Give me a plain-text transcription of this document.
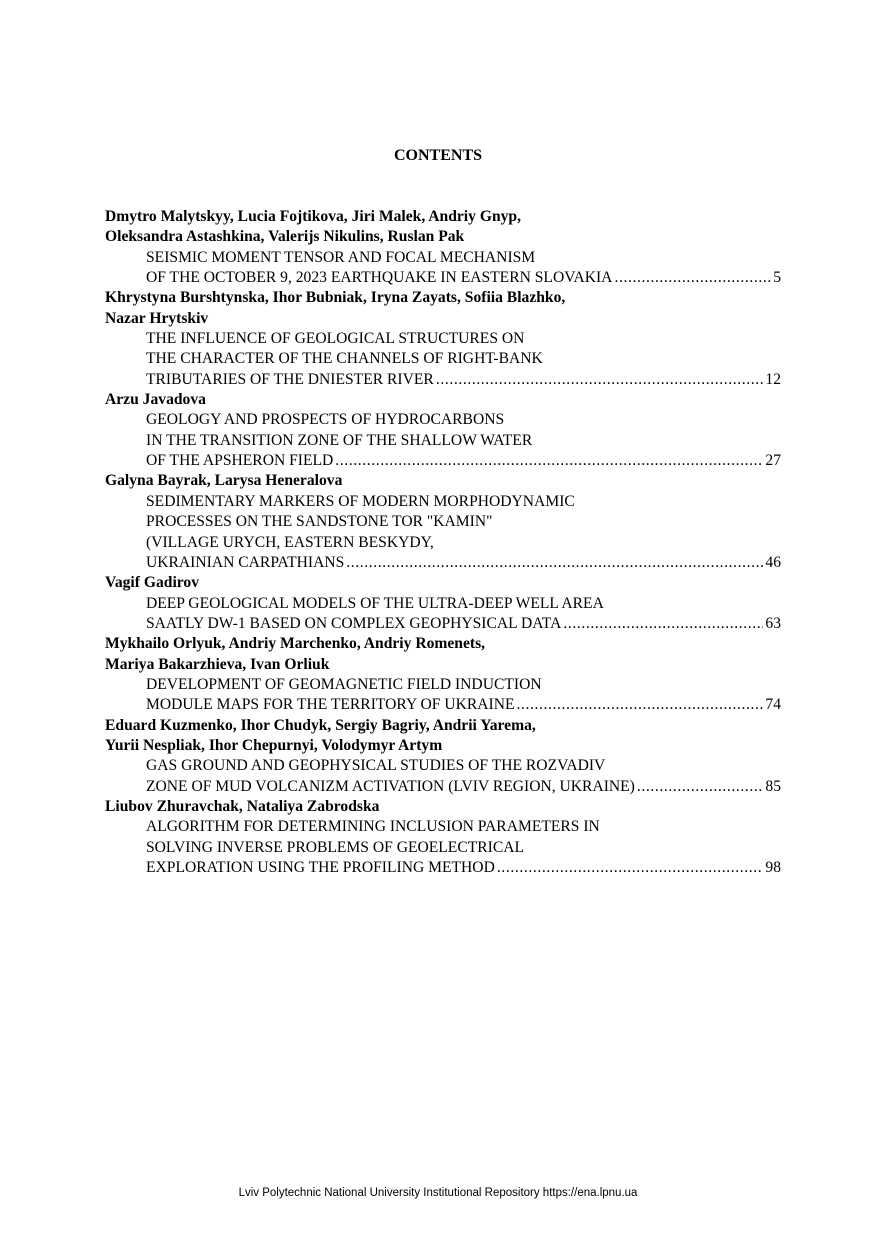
CONTENTS
Dmytro Malytskyy, Lucia Fojtikova, Jiri Malek, Andriy Gnyp,
Oleksandra Astashkina, Valerijs Nikulins, Ruslan Pak
SEISMIC MOMENT TENSOR AND FOCAL MECHANISM
OF THE OCTOBER 9, 2023 EARTHQUAKE IN EASTERN SLOVAKIA .....	5
Khrystyna Burshtynska, Ihor Bubniak, Iryna Zayats, Sofiia Blazhko,
Nazar Hrytskiv
THE INFLUENCE OF GEOLOGICAL STRUCTURES ON
THE CHARACTER OF THE CHANNELS OF RIGHT-BANK
TRIBUTARIES OF THE DNIESTER RIVER .....	12
Arzu Javadova
GEOLOGY AND PROSPECTS OF HYDROCARBONS
IN THE TRANSITION ZONE OF THE SHALLOW WATER
OF THE APSHERON FIELD .....	27
Galyna Bayrak, Larysa Heneralova
SEDIMENTARY MARKERS OF MODERN MORPHODYNAMIC
PROCESSES ON THE SANDSTONE TOR "KAMIN"
(VILLAGE URYCH, EASTERN BESKYDY,
UKRAINIAN CARPATHIANS .....	46
Vagif Gadirov
DEEP GEOLOGICAL MODELS OF THE ULTRA-DEEP WELL AREA
SAATLY DW-1 BASED ON COMPLEX GEOPHYSICAL DATA .....	63
Mykhailo Orlyuk, Andriy Marchenko, Andriy Romenets,
Mariya Bakarzhieva, Ivan Orliuk
DEVELOPMENT OF GEOMAGNETIC FIELD INDUCTION
MODULE MAPS FOR THE TERRITORY OF UKRAINE .....	74
Eduard Kuzmenko, Ihor Chudyk, Sergiy Bagriy, Andrii Yarema,
Yurii Nespliak, Ihor Chepurnyi, Volodymyr Artym
GAS GROUND AND GEOPHYSICAL STUDIES OF THE ROZVADIV
ZONE OF MUD VOLCANIZM ACTIVATION (LVIV REGION, UKRAINE) .....	85
Liubov Zhuravchak, Nataliya Zabrodska
ALGORITHM FOR DETERMINING INCLUSION PARAMETERS IN
SOLVING INVERSE PROBLEMS OF GEOELECTRICAL
EXPLORATION USING THE PROFILING METHOD .....	98
Lviv Polytechnic National University Institutional Repository https://ena.lpnu.ua
